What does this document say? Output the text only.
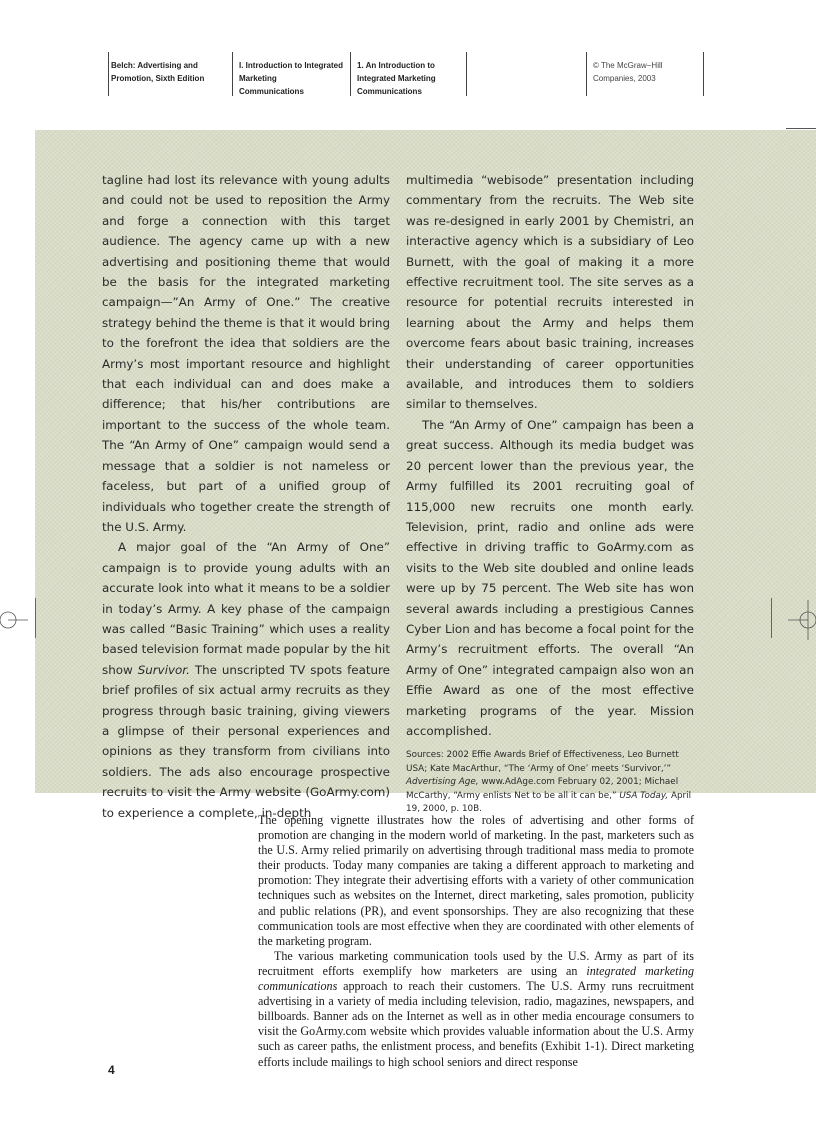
Belch: Advertising and
Promotion, Sixth Edition
I. Introduction to Integrated
Marketing
Communications
1. An Introduction to
Integrated Marketing
Communications
© The McGraw−Hill
Companies, 2003

tagline had lost its relevance with young adults and could not be used to reposition the Army and forge a connection with this target audience. The agency came up with a new advertising and positioning theme that would be the basis for the integrated marketing campaign—”An Army of One.” The creative strategy behind the theme is that it would bring to the forefront the idea that soldiers are the Army’s most important resource and highlight that each individual can and does make a difference; that his/her contributions are important to the success of the whole team. The “An Army of One” campaign would send a message that a soldier is not nameless or faceless, but part of a unified group of individuals who together create the strength of the U.S. Army.

A major goal of the “An Army of One” campaign is to provide young adults with an accurate look into what it means to be a soldier in today’s Army. A key phase of the campaign was called “Basic Training” which uses a reality based television format made popular by the hit show Survivor. The unscripted TV spots feature brief profiles of six actual army recruits as they progress through basic training, giving viewers a glimpse of their personal experiences and opinions as they transform from civilians into soldiers. The ads also encourage prospective recruits to visit the Army website (GoArmy.com) to experience a complete, in-depth

multimedia “webisode” presentation including commentary from the recruits. The Web site was re-designed in early 2001 by Chemistri, an interactive agency which is a subsidiary of Leo Burnett, with the goal of making it a more effective recruitment tool. The site serves as a resource for potential recruits interested in learning about the Army and helps them overcome fears about basic training, increases their understanding of career opportunities available, and introduces them to soldiers similar to themselves.

The “An Army of One” campaign has been a great success. Although its media budget was 20 percent lower than the previous year, the Army fulfilled its 2001 recruiting goal of 115,000 new recruits one month early. Television, print, radio and online ads were effective in driving traffic to GoArmy.com as visits to the Web site doubled and online leads were up by 75 percent. The Web site has won several awards including a prestigious Cannes Cyber Lion and has become a focal point for the Army’s recruitment efforts. The overall “An Army of One” integrated campaign also won an Effie Award as one of the most effective marketing programs of the year. Mission accomplished.

Sources: 2002 Effie Awards Brief of Effectiveness, Leo Burnett USA; Kate MacArthur, “The ‘Army of One’ meets ‘Survivor,’” Advertising Age, www.AdAge.com February 02, 2001; Michael McCarthy, “Army enlists Net to be all it can be,” USA Today, April 19, 2000, p. 10B.

The opening vignette illustrates how the roles of advertising and other forms of promotion are changing in the modern world of marketing. In the past, marketers such as the U.S. Army relied primarily on advertising through traditional mass media to promote their products. Today many companies are taking a different approach to marketing and promotion: They integrate their advertising efforts with a variety of other communication techniques such as websites on the Internet, direct marketing, sales promotion, publicity and public relations (PR), and event sponsorships. They are also recognizing that these communication tools are most effective when they are coordinated with other elements of the marketing program.

The various marketing communication tools used by the U.S. Army as part of its recruitment efforts exemplify how marketers are using an integrated marketing communications approach to reach their customers. The U.S. Army runs recruitment advertising in a variety of media including television, radio, magazines, newspapers, and billboards. Banner ads on the Internet as well as in other media encourage consumers to visit the GoArmy.com website which provides valuable information about the U.S. Army such as career paths, the enlistment process, and benefits (Exhibit 1-1). Direct marketing efforts include mailings to high school seniors and direct response

4
